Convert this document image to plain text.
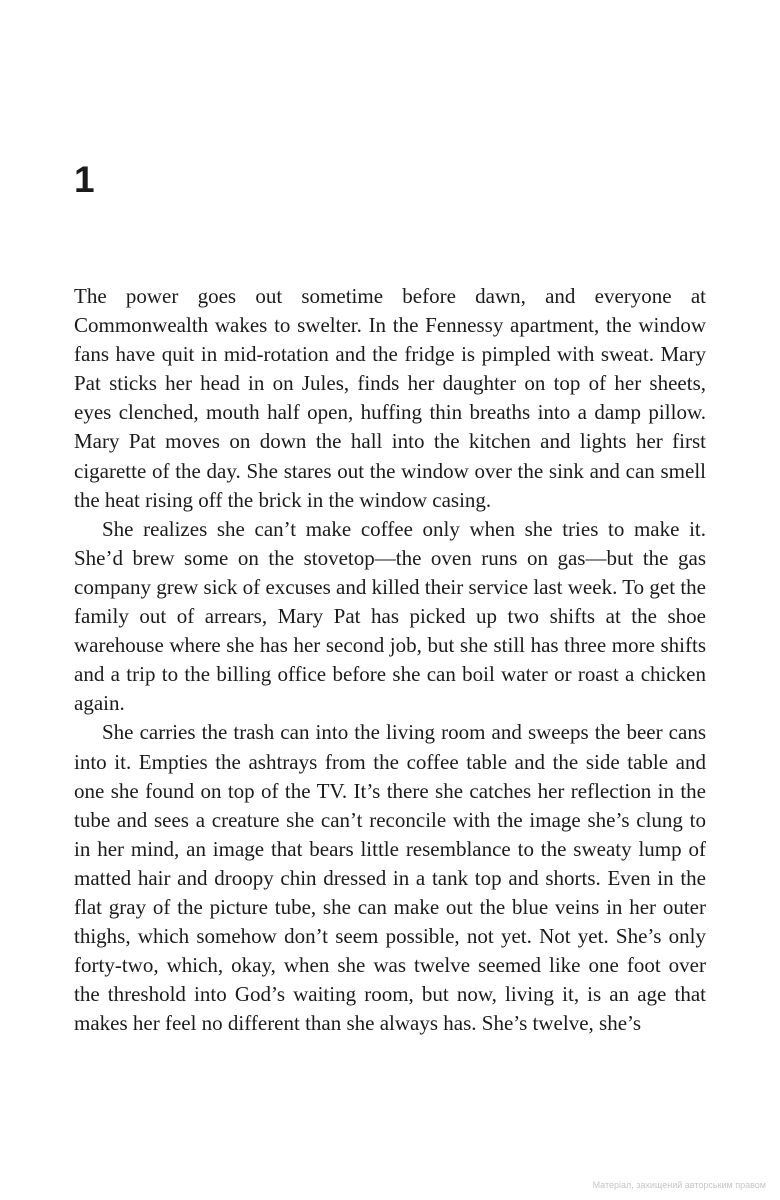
1

The power goes out sometime before dawn, and everyone at Commonwealth wakes to swelter. In the Fennessy apartment, the window fans have quit in mid-rotation and the fridge is pimpled with sweat. Mary Pat sticks her head in on Jules, finds her daughter on top of her sheets, eyes clenched, mouth half open, huffing thin breaths into a damp pillow. Mary Pat moves on down the hall into the kitchen and lights her first cigarette of the day. She stares out the window over the sink and can smell the heat rising off the brick in the window casing.

She realizes she can’t make coffee only when she tries to make it. She’d brew some on the stovetop—the oven runs on gas—but the gas company grew sick of excuses and killed their service last week. To get the family out of arrears, Mary Pat has picked up two shifts at the shoe warehouse where she has her second job, but she still has three more shifts and a trip to the billing office before she can boil water or roast a chicken again.

She carries the trash can into the living room and sweeps the beer cans into it. Empties the ashtrays from the coffee table and the side table and one she found on top of the TV. It’s there she catches her reflection in the tube and sees a creature she can’t reconcile with the image she’s clung to in her mind, an image that bears little resemblance to the sweaty lump of matted hair and droopy chin dressed in a tank top and shorts. Even in the flat gray of the picture tube, she can make out the blue veins in her outer thighs, which somehow don’t seem possible, not yet. Not yet. She’s only forty-two, which, okay, when she was twelve seemed like one foot over the threshold into God’s waiting room, but now, living it, is an age that makes her feel no different than she always has. She’s twelve, she’s

Матеріал, захищений авторським правом
